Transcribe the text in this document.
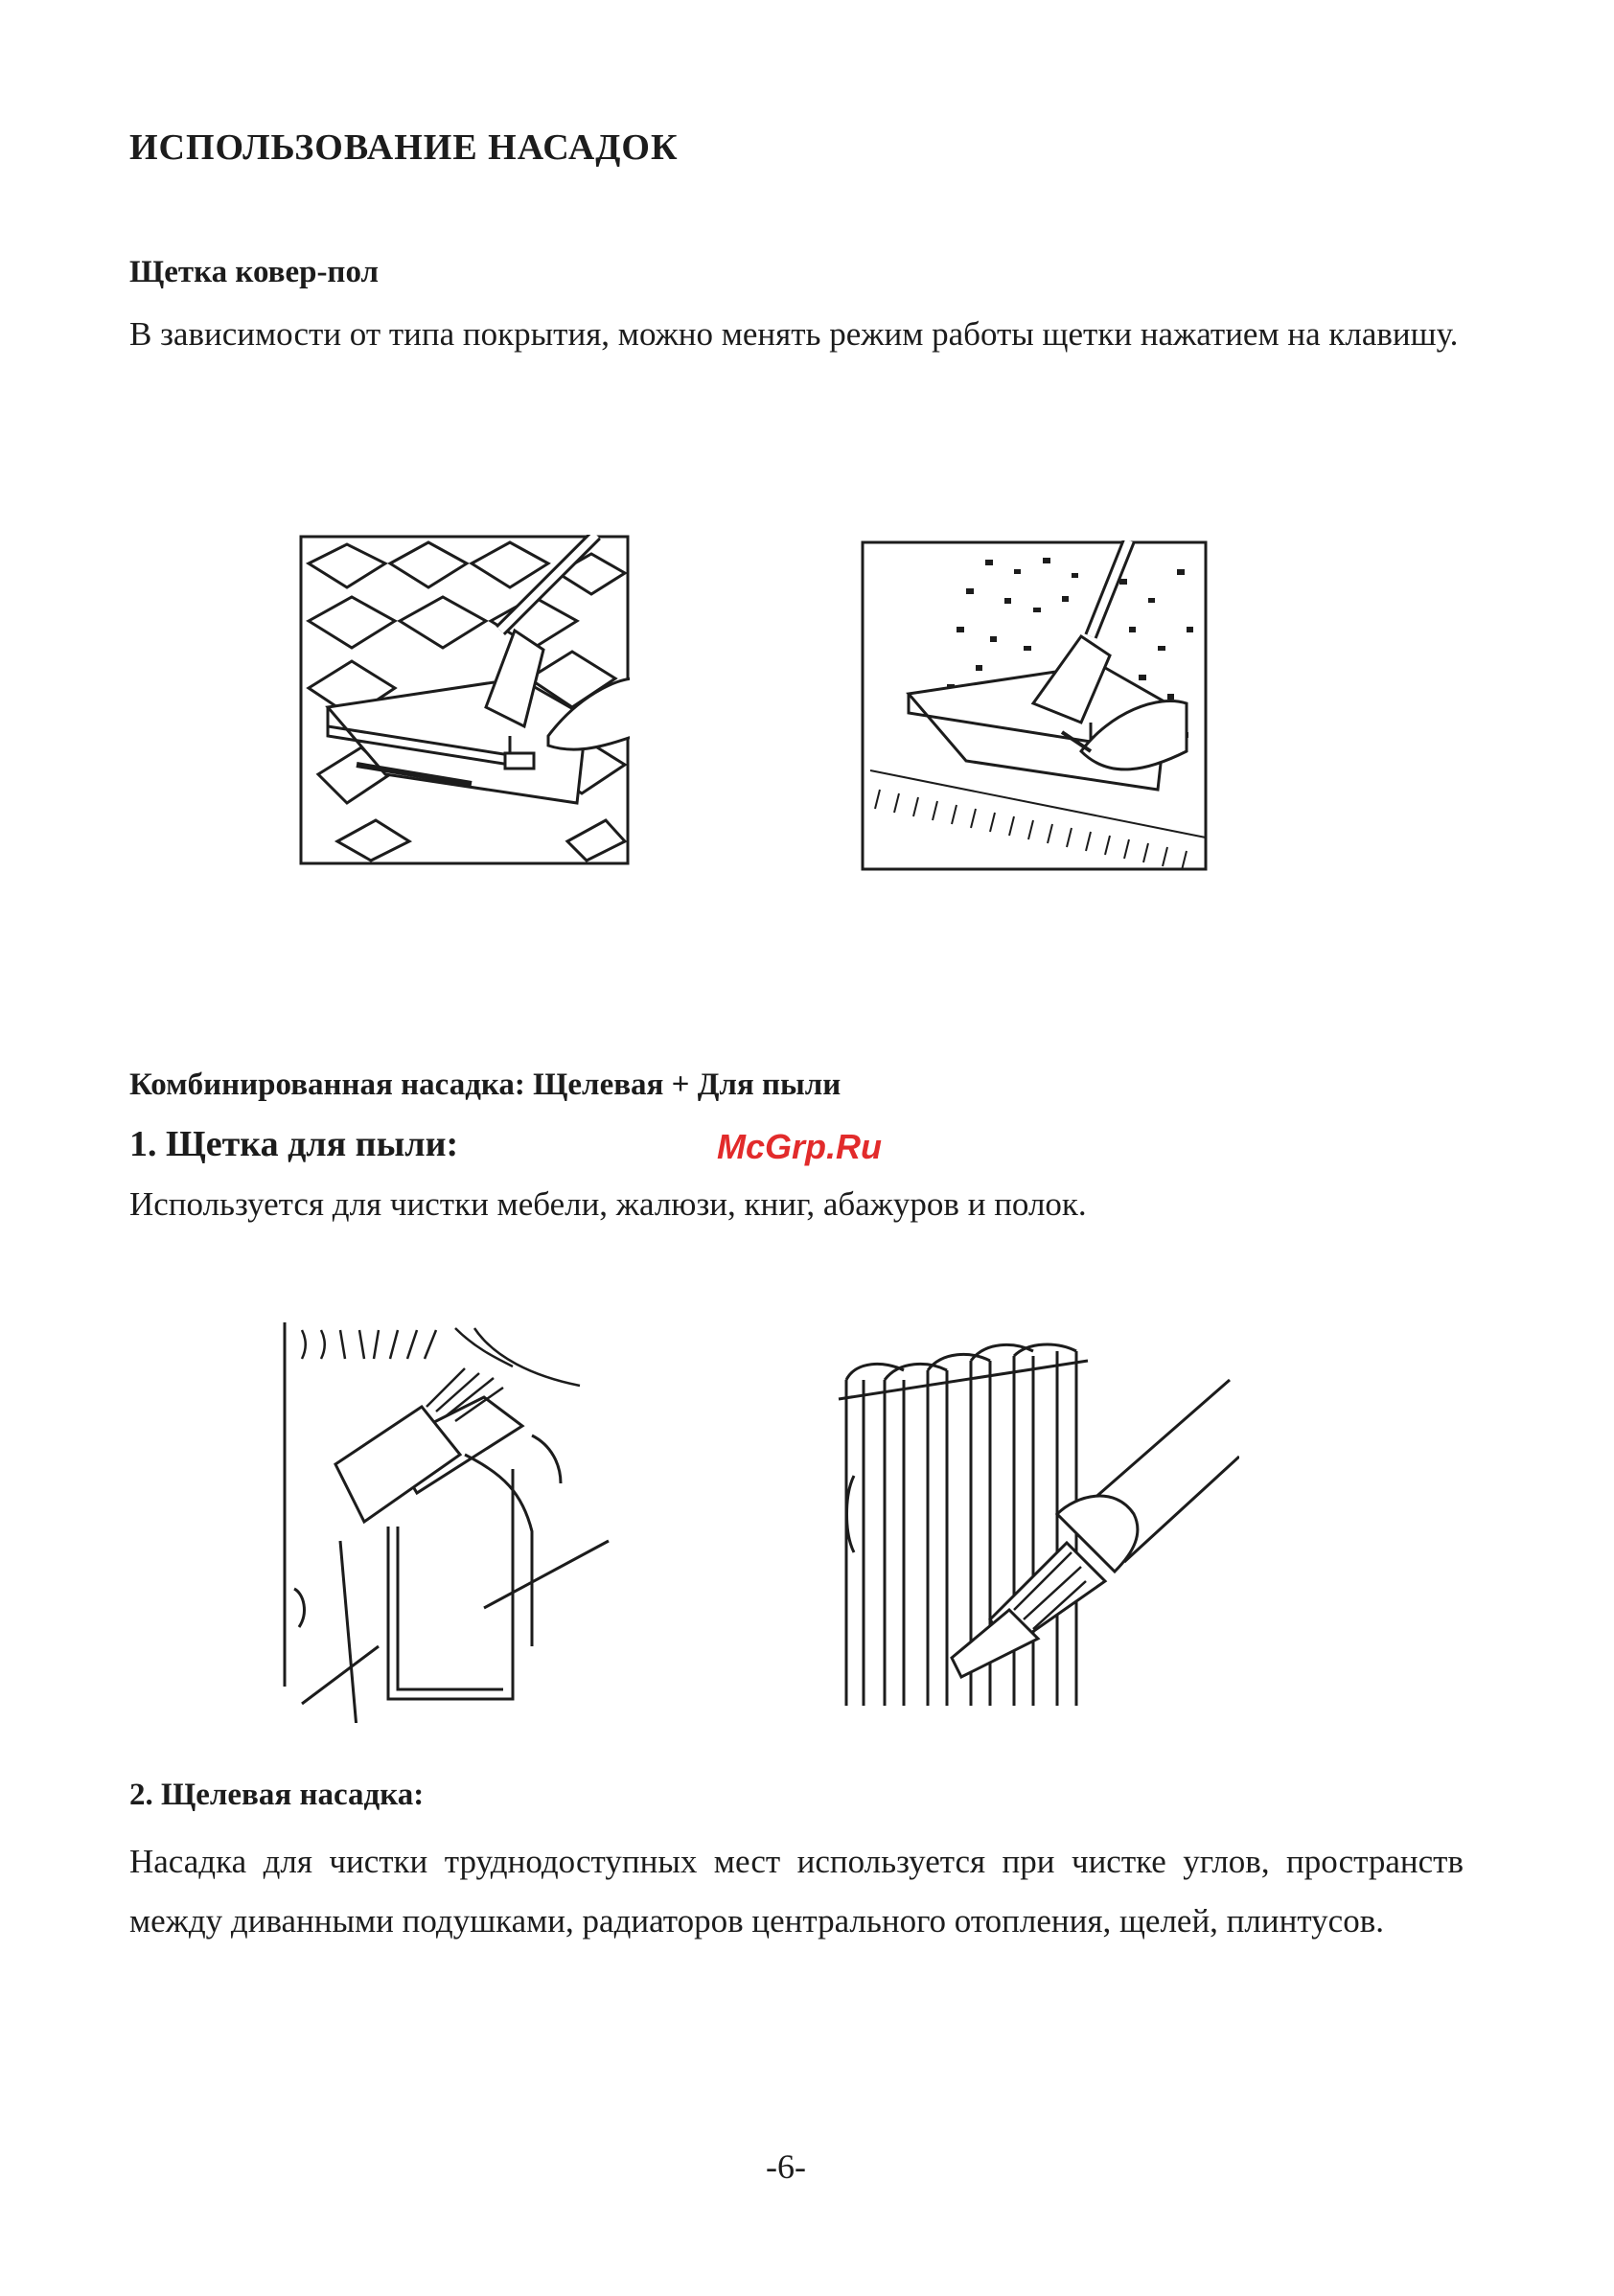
ИСПОЛЬЗОВАНИЕ НАСАДОК
Щетка ковер-пол

В зависимости от типа покрытия, можно менять режим работы щетки нажатием на клавишу.

Комбинированная насадка: Щелевая + Для пыли
1. Щетка для пыли:	McGrp.Ru

Используется для чистки мебели, жалюзи, книг, абажуров и полок.

2. Щелевая насадка:

Насадка для чистки труднодоступных мест используется при чистке углов, пространств между диванными подушками, радиаторов центрального отопления, щелей, плинтусов.

-6-
